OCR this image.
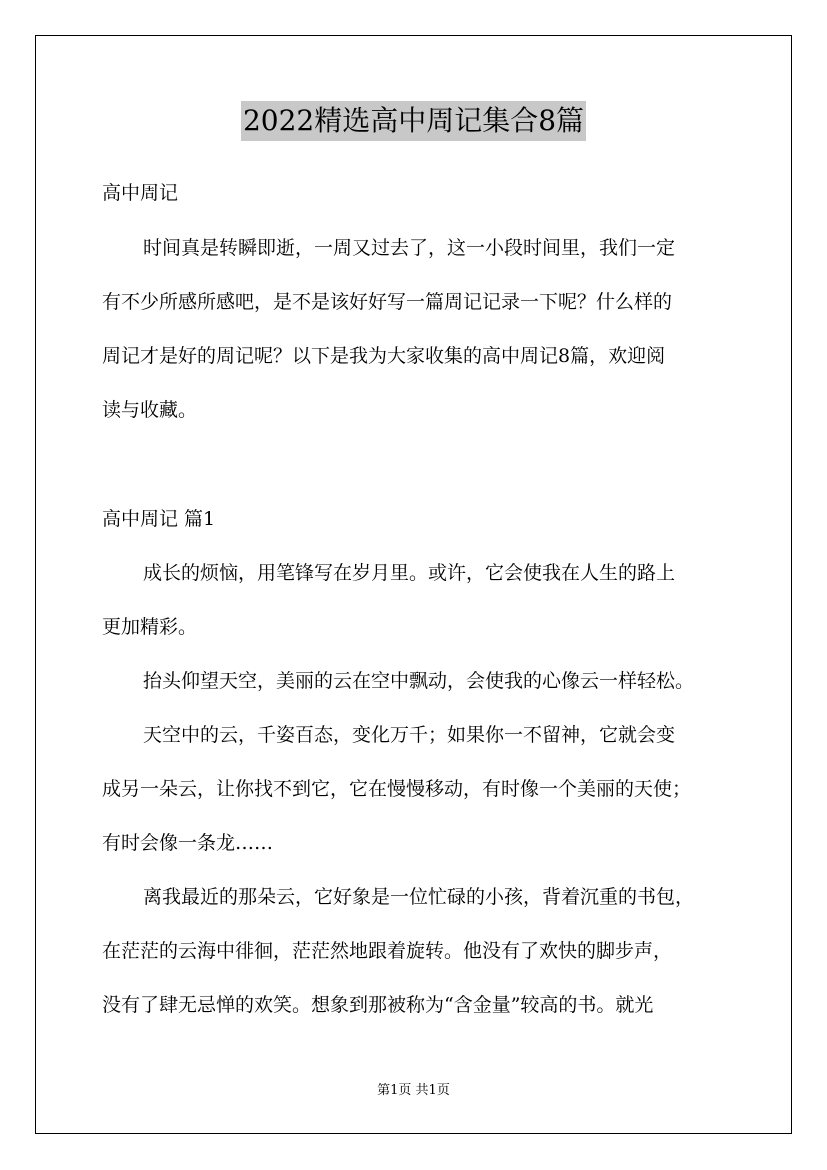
2022精选高中周记集合8篇
高中周记
时间真是转瞬即逝，一周又过去了，这一小段时间里，我们一定
有不少所感所感吧，是不是该好好写一篇周记记录一下呢？什么样的
周记才是好的周记呢？以下是我为大家收集的高中周记8篇，欢迎阅
读与收藏。
高中周记 篇1
成长的烦恼，用笔锋写在岁月里。或许，它会使我在人生的路上
更加精彩。
抬头仰望天空，美丽的云在空中飘动，会使我的心像云一样轻松。
天空中的云，千姿百态，变化万千；如果你一不留神，它就会变
成另一朵云，让你找不到它，它在慢慢移动，有时像一个美丽的天使；
有时会像一条龙……
离我最近的那朵云，它好象是一位忙碌的小孩，背着沉重的书包，
在茫茫的云海中徘徊，茫茫然地跟着旋转。他没有了欢快的脚步声，
没有了肆无忌惮的欢笑。想象到那被称为“含金量”较高的书。就光
第1页 共1页
